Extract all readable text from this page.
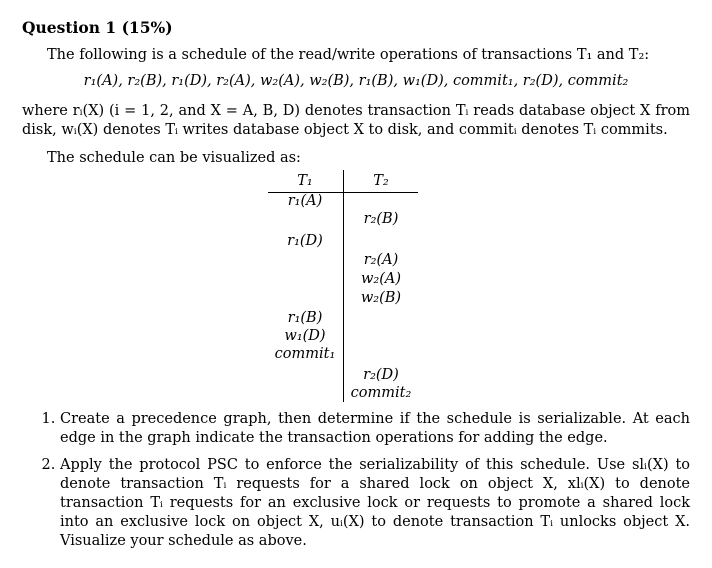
Question 1 (15%)
The following is a schedule of the read/write operations of transactions T₁ and T₂:
r₁(A), r₂(B), r₁(D), r₂(A), w₂(A), w₂(B), r₁(B), w₁(D), commit₁, r₂(D), commit₂
where rᵢ(X) (i = 1, 2, and X = A, B, D) denotes transaction Tᵢ reads database object X from disk, wᵢ(X) denotes Tᵢ writes database object X to disk, and commitᵢ denotes Tᵢ commits.
The schedule can be visualized as:
T₁	T₂
r₁(A)
r₂(B)
r₁(D)
r₂(A)
w₂(A)
w₂(B)
r₁(B)
w₁(D)
commit₁
r₂(D)
commit₂
1. Create a precedence graph, then determine if the schedule is serializable. At each edge in the graph indicate the transaction operations for adding the edge.
2. Apply the protocol PSC to enforce the serializability of this schedule. Use slᵢ(X) to denote transaction Tᵢ requests for a shared lock on object X, xlᵢ(X) to denote transaction Tᵢ requests for an exclusive lock or requests to promote a shared lock into an exclusive lock on object X, uᵢ(X) to denote transaction Tᵢ unlocks object X. Visualize your schedule as above.
